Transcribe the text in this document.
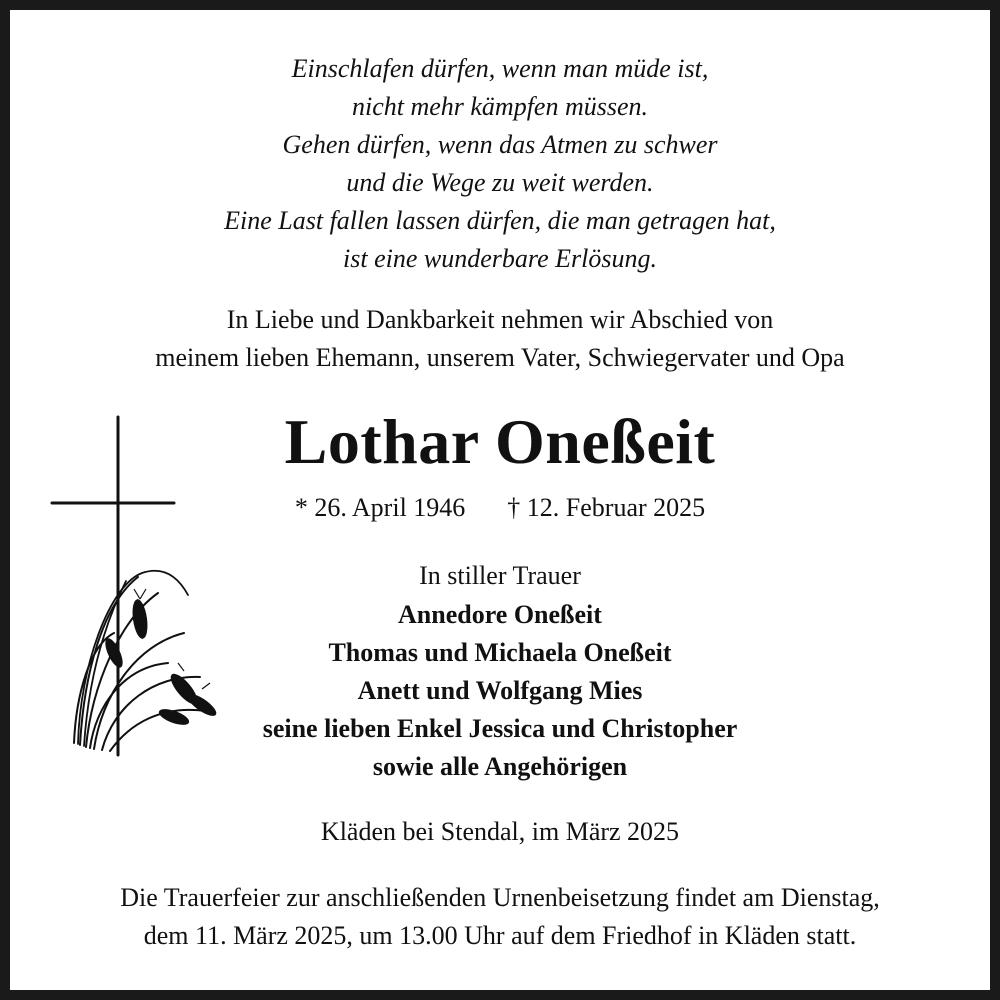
Einschlafen dürfen, wenn man müde ist,
nicht mehr kämpfen müssen.
Gehen dürfen, wenn das Atmen zu schwer
und die Wege zu weit werden.
Eine Last fallen lassen dürfen, die man getragen hat,
ist eine wunderbare Erlösung.
In Liebe und Dankbarkeit nehmen wir Abschied von
meinem lieben Ehemann, unserem Vater, Schwiegervater und Opa
Lothar Oneßeit
* 26. April 1946 † 12. Februar 2025
In stiller Trauer
Annedore Oneßeit
Thomas und Michaela Oneßeit
Anett und Wolfgang Mies
seine lieben Enkel Jessica und Christopher
sowie alle Angehörigen
Kläden bei Stendal, im März 2025
Die Trauerfeier zur anschließenden Urnenbeisetzung findet am Dienstag,
dem 11. März 2025, um 13.00 Uhr auf dem Friedhof in Kläden statt.
